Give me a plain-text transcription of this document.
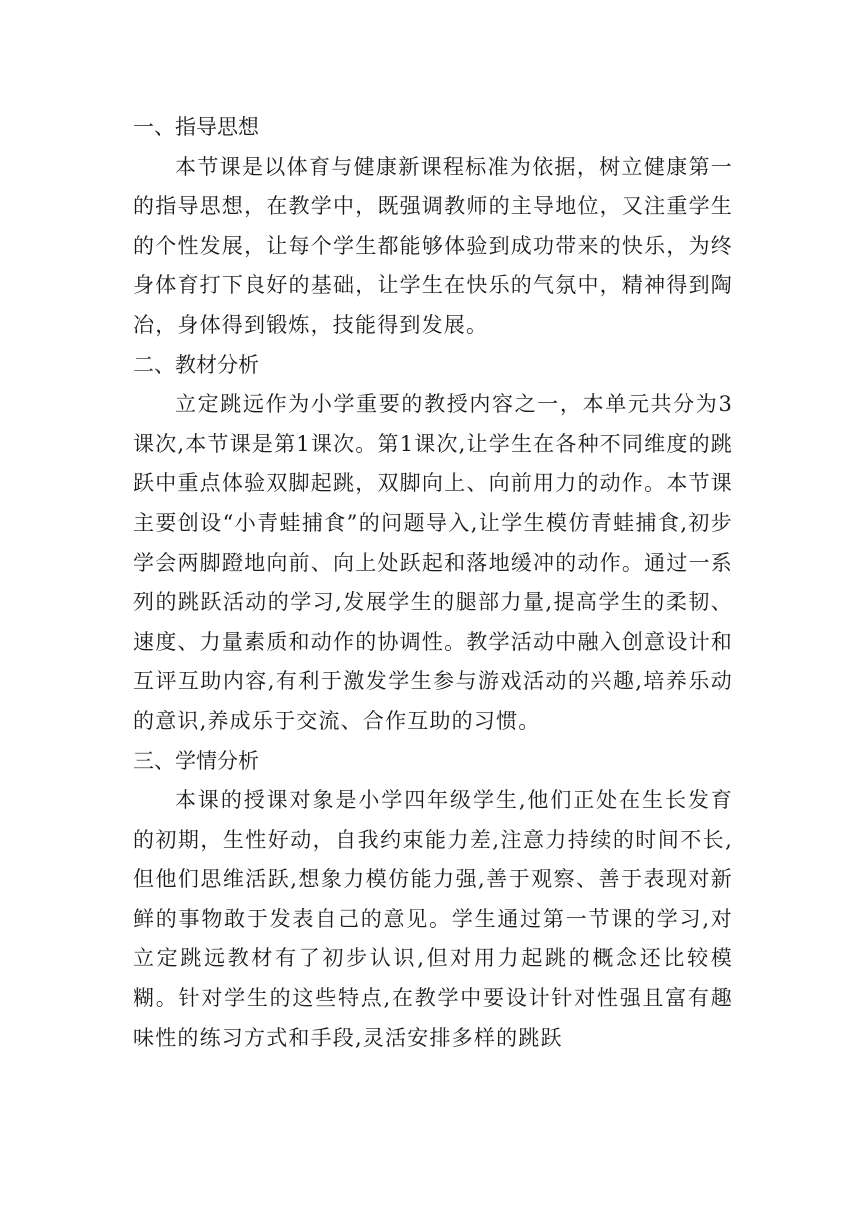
一、指导思想

本节课是以体育与健康新课程标准为依据，树立健康第一的指导思想，在教学中，既强调教师的主导地位，又注重学生的个性发展，让每个学生都能够体验到成功带来的快乐，为终身体育打下良好的基础，让学生在快乐的气氛中，精神得到陶冶，身体得到锻炼，技能得到发展。

二、教材分析

立定跳远作为小学重要的教授内容之一，本单元共分为3课次,本节课是第1课次。第1课次,让学生在各种不同维度的跳跃中重点体验双脚起跳，双脚向上、向前用力的动作。本节课主要创设“小青蛙捕食”的问题导入,让学生模仿青蛙捕食,初步学会两脚蹬地向前、向上处跃起和落地缓冲的动作。通过一系列的跳跃活动的学习,发展学生的腿部力量,提高学生的柔韧、速度、力量素质和动作的协调性。教学活动中融入创意设计和互评互助内容,有利于激发学生参与游戏活动的兴趣,培养乐动的意识,养成乐于交流、合作互助的习惯。

三、学情分析

本课的授课对象是小学四年级学生,他们正处在生长发育的初期，生性好动，自我约束能力差,注意力持续的时间不长,但他们思维活跃,想象力模仿能力强,善于观察、善于表现对新鲜的事物敢于发表自己的意见。学生通过第一节课的学习,对立定跳远教材有了初步认识,但对用力起跳的概念还比较模糊。针对学生的这些特点,在教学中要设计针对性强且富有趣味性的练习方式和手段,灵活安排多样的跳跃
